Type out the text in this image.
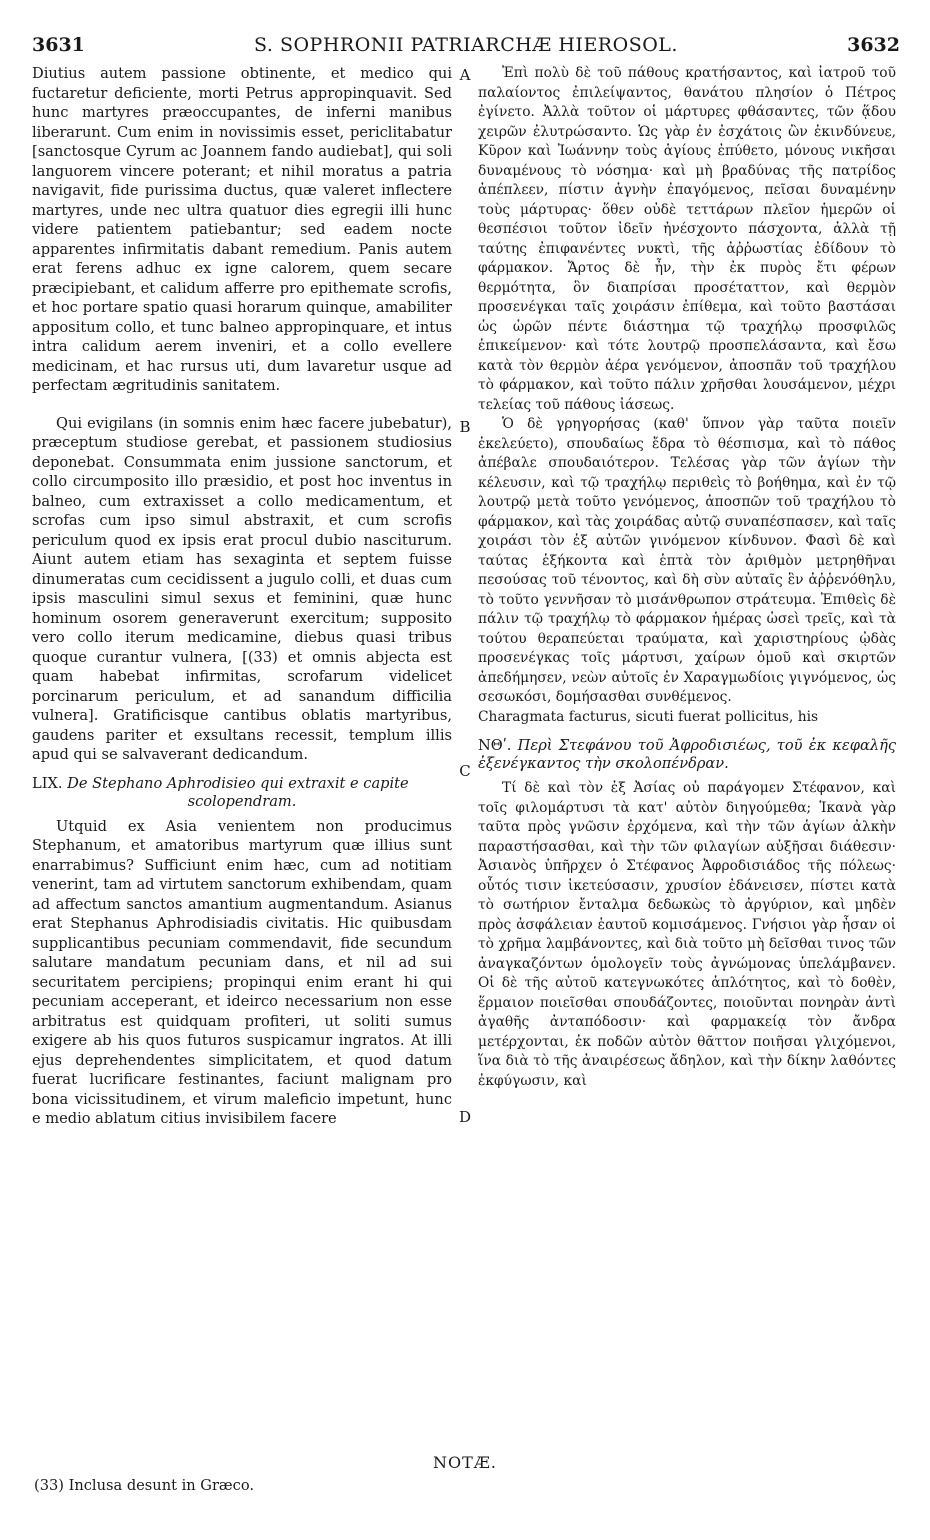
3631	S. SOPHRONII PATRIARCHÆ HIEROSOL.	3632

Diutius autem passione obtinente, et medico qui fuctaretur deficiente, morti Petrus appropinquavit. Sed hunc martyres præoccupantes, de inferni manibus liberarunt. Cum enim in novissimis esset, periclitabatur [sanctosque Cyrum ac Joannem fando audiebat], qui soli languorem vincere poterant; et nihil moratus a patria navigavit, fide purissima ductus, quæ valeret inflectere martyres, unde nec ultra quatuor dies egregii illi hunc videre patientem patiebantur; sed eadem nocte apparentes infirmitatis dabant remedium. Panis autem erat ferens adhuc ex igne calorem, quem secare præcipiebant, et calidum afferre pro epithemate scrofis, et hoc portare spatio quasi horarum quinque, amabiliter appositum collo, et tunc balneo appropinquare, et intus intra calidum aerem inveniri, et a collo evellere medicinam, et hac rursus uti, dum lavaretur usque ad perfectam ægritudinis sanitatem.

Qui evigilans (in somnis enim hæc facere jubebatur), præceptum studiose gerebat, et passionem studiosius deponebat. Consummata enim jussione sanctorum, et collo circumposito illo præsidio, et post hoc inventus in balneo, cum extraxisset a collo medicamentum, et scrofas cum ipso simul abstraxit, et cum scrofis periculum quod ex ipsis erat procul dubio nasciturum. Aiunt autem etiam has sexaginta et septem fuisse dinumeratas cum cecidissent a jugulo colli, et duas cum ipsis masculini simul sexus et feminini, quæ hunc hominum osorem generaverunt exercitum; supposito vero collo iterum medicamine, diebus quasi tribus quoque curantur vulnera, [(33) et omnis abjecta est quam habebat infirmitas, scrofarum videlicet porcinarum periculum, et ad sanandum difficilia vulnera]. Gratificisque cantibus oblatis martyribus, gaudens pariter et exsultans recessit, templum illis apud qui se salvaverant dedicandum.

LIX. De Stephano Aphrodisieo qui extraxit e capite
scolopendram.

Utquid ex Asia venientem non producimus Stephanum, et amatoribus martyrum quæ illius sunt enarrabimus? Sufficiunt enim hæc, cum ad notitiam venerint, tam ad virtutem sanctorum exhibendam, quam ad affectum sanctos amantium augmentandum. Asianus erat Stephanus Aphrodisiadis civitatis. Hic quibusdam supplicantibus pecuniam commendavit, fide secundum salutare mandatum pecuniam dans, et nil ad sui securitatem percipiens; propinqui enim erant hi qui pecuniam acceperant, et ideirco necessarium non esse arbitratus est quidquam profiteri, ut soliti sumus exigere ab his quos futuros suspicamur ingratos. At illi ejus deprehendentes simplicitatem, et quod datum fuerat lucrificare festinantes, faciunt malignam pro bona vicissitudinem, et virum maleficio impetunt, hunc e medio ablatum citius invisibilem facere

A
B
C
D

Ἐπὶ πολὺ δὲ τοῦ πάθους κρατήσαντος, καὶ ἰατροῦ τοῦ παλαίοντος ἐπιλείψαντος, θανάτου πλησίον ὁ Πέτρος ἐγίνετο. Ἀλλὰ τοῦτον οἱ μάρτυρες φθάσαντες, τῶν ᾅδου χειρῶν ἐλυτρώσαντο. Ὡς γὰρ ἐν ἐσχάτοις ὢν ἐκινδύνευε, Κῦρον καὶ Ἰωάννην τοὺς ἁγίους ἐπύθετο, μόνους νικῆσαι δυναμένους τὸ νόσημα· καὶ μὴ βραδύνας τῆς πατρίδος ἀπέπλεεν, πίστιν ἁγνὴν ἐπαγόμενος, πεῖσαι δυναμένην τοὺς μάρτυρας· ὅθεν οὐδὲ τεττάρων πλεῖον ἡμερῶν οἱ θεσπέσιοι τοῦτον ἰδεῖν ἠνέσχοντο πάσχοντα, ἀλλὰ τῇ ταύτης ἐπιφανέντες νυκτὶ, τῆς ἀῤῥωστίας ἐδίδουν τὸ φάρμακον. Ἄρτος δὲ ἦν, τὴν ἐκ πυρὸς ἔτι φέρων θερμότητα, ὃν διαπρίσαι προσέταττον, καὶ θερμὸν προσενέγκαι ταῖς χοιράσιν ἐπίθεμα, καὶ τοῦτο βαστάσαι ὡς ὡρῶν πέντε διάστημα τῷ τραχήλῳ προσφιλῶς ἐπικείμενον· καὶ τότε λουτρῷ προσπελάσαντα, καὶ ἔσω κατὰ τὸν θερμὸν ἀέρα γενόμενον, ἀποσπᾶν τοῦ τραχήλου τὸ φάρμακον, καὶ τοῦτο πάλιν χρῆσθαι λουσάμενον, μέχρι τελείας τοῦ πάθους ἰάσεως.

Ὁ δὲ γρηγορήσας (καθ' ὕπνον γὰρ ταῦτα ποιεῖν ἐκελεύετο), σπουδαίως ἔδρα τὸ θέσπισμα, καὶ τὸ πάθος ἀπέβαλε σπουδαιότερον. Τελέσας γὰρ τῶν ἁγίων τὴν κέλευσιν, καὶ τῷ τραχήλῳ περιθεὶς τὸ βοήθημα, καὶ ἐν τῷ λουτρῷ μετὰ τοῦτο γενόμενος, ἀποσπῶν τοῦ τραχήλου τὸ φάρμακον, καὶ τὰς χοιράδας αὐτῷ συναπέσπασεν, καὶ ταῖς χοιράσι τὸν ἐξ αὐτῶν γινόμενον κίνδυνον. Φασὶ δὲ καὶ ταύτας ἑξήκοντα καὶ ἑπτὰ τὸν ἀριθμὸν μετρηθῆναι πεσούσας τοῦ τένοντος, καὶ δὴ σὺν αὐταῖς ἓν ἀῤῥενόθηλυ, τὸ τοῦτο γεννῆσαν τὸ μισάνθρωπον στράτευμα. Ἐπιθεὶς δὲ πάλιν τῷ τραχήλῳ τὸ φάρμακον ἡμέρας ὡσεὶ τρεῖς, καὶ τὰ τούτου θεραπεύεται τραύματα, καὶ χαριστηρίους ᾠδὰς προσενέγκας τοῖς μάρτυσι, χαίρων ὁμοῦ καὶ σκιρτῶν ἀπεδήμησεν, νεὼν αὐτοῖς ἐν Χαραγμωδίοις γιγνόμενος, ὡς σεσωκόσι, δομήσασθαι συνθέμενος.

Charagmata facturus, sicuti fuerat pollicitus, his

ΝΘʹ. Περὶ Στεφάνου τοῦ Ἀφροδισιέως, τοῦ ἐκ κεφαλῆς ἐξενέγκαντος τὴν σκολοπένδραν.

Τί δὲ καὶ τὸν ἐξ Ἀσίας οὐ παράγομεν Στέφανον, καὶ τοῖς φιλομάρτυσι τὰ κατ' αὐτὸν διηγούμεθα; Ἱκανὰ γὰρ ταῦτα πρὸς γνῶσιν ἐρχόμενα, καὶ τὴν τῶν ἁγίων ἀλκὴν παραστήσασθαι, καὶ τὴν τῶν φιλαγίων αὐξῆσαι διάθεσιν· Ἀσιανὸς ὑπῆρχεν ὁ Στέφανος Ἀφροδισιάδος τῆς πόλεως· οὗτός τισιν ἱκετεύσασιν, χρυσίον ἐδάνεισεν, πίστει κατὰ τὸ σωτήριον ἔνταλμα δεδωκὼς τὸ ἀργύριον, καὶ μηδὲν πρὸς ἀσφάλειαν ἑαυτοῦ κομισάμενος. Γνήσιοι γὰρ ἦσαν οἱ τὸ χρῆμα λαμβάνοντες, καὶ διὰ τοῦτο μὴ δεῖσθαι τινος τῶν ἀναγκαζόντων ὁμολογεῖν τοὺς ἀγνώμονας ὑπελάμβανεν. Οἱ δὲ τῆς αὐτοῦ κατεγνωκότες ἁπλότητος, καὶ τὸ δοθὲν, ἕρμαιον ποιεῖσθαι σπουδάζοντες, ποιοῦνται πονηρὰν ἀντὶ ἀγαθῆς ἀνταπόδοσιν· καὶ φαρμακείᾳ τὸν ἄνδρα μετέρχονται, ἐκ ποδῶν αὐτὸν θᾶττον ποιῆσαι γλιχόμενοι, ἵνα διὰ τὸ τῆς ἀναιρέσεως ἄδηλον, καὶ τὴν δίκην λαθόντες ἐκφύγωσιν, καὶ

NOTÆ.
(33) Inclusa desunt in Græco.
